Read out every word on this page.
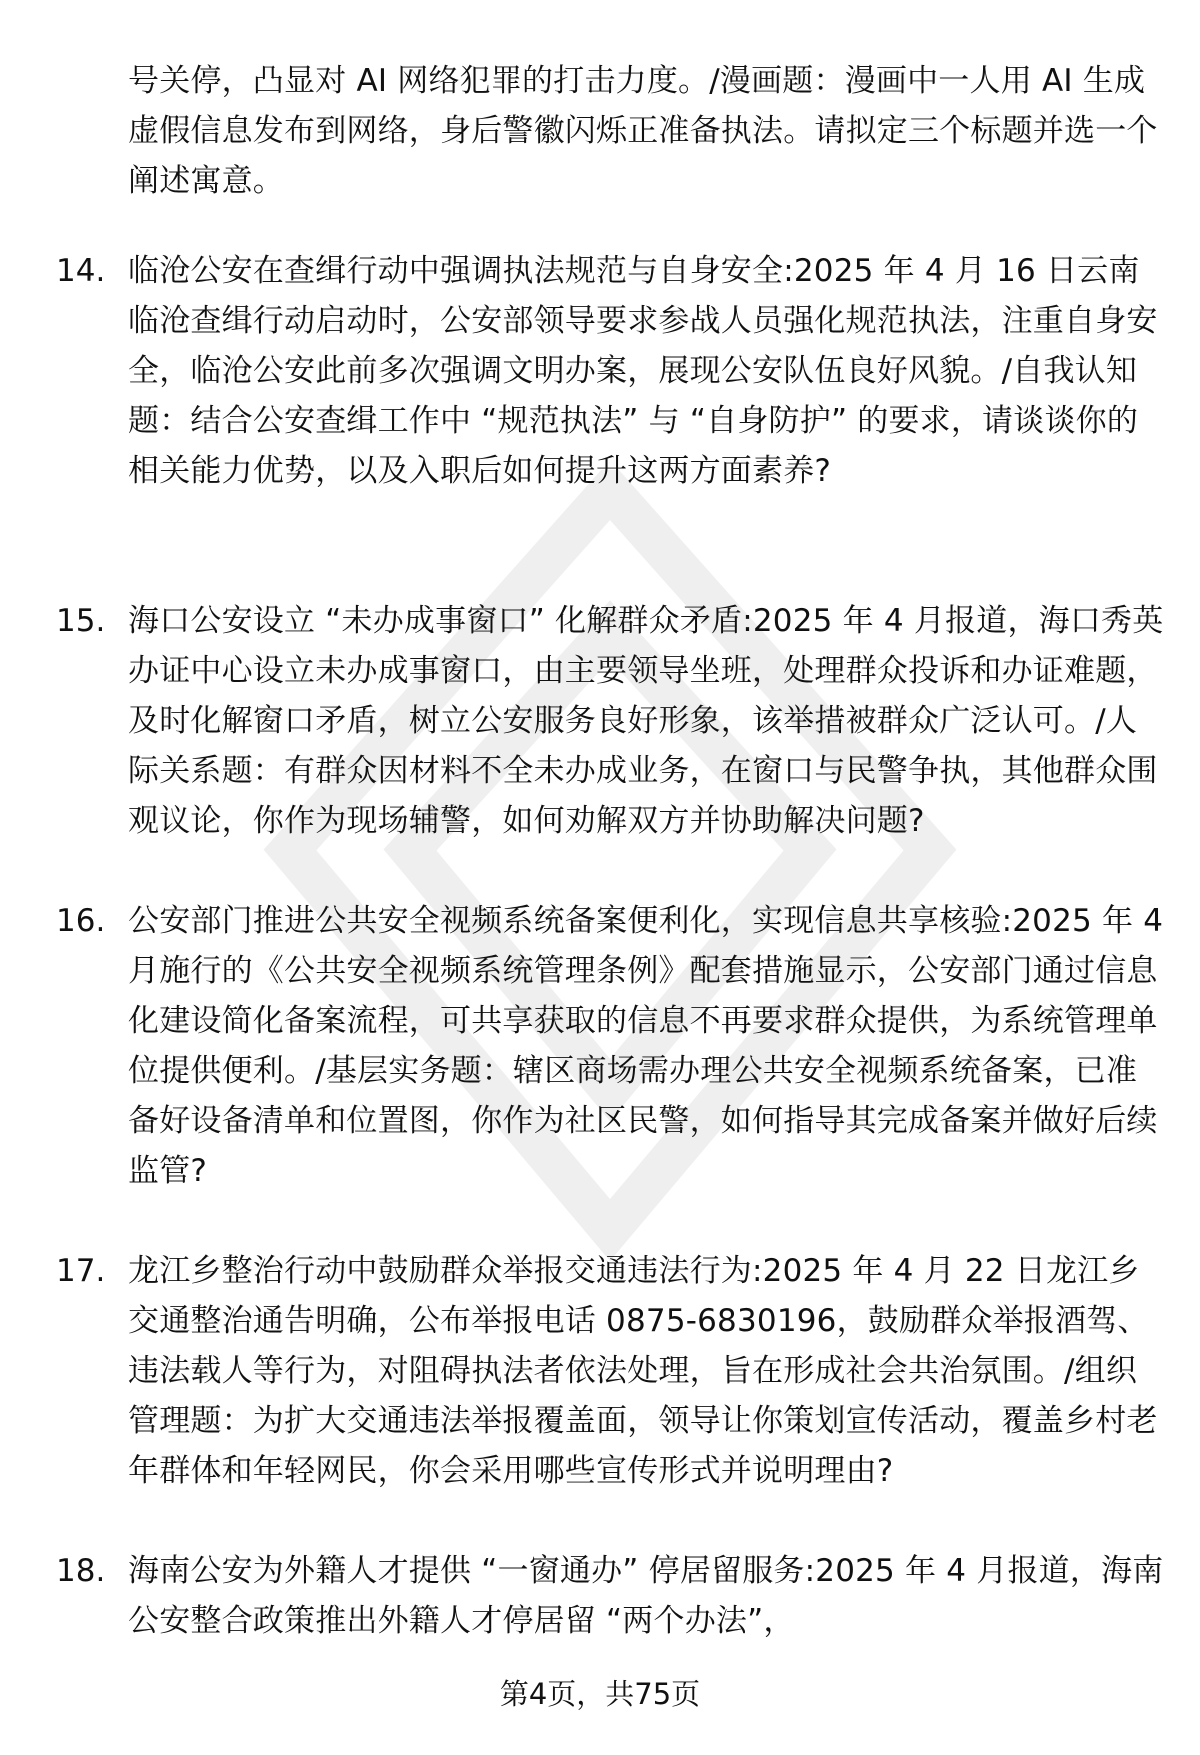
号关停，凸显对 AI 网络犯罪的打击力度。/漫画题：漫画中一人用 AI 生成虚假信息发布到网络，身后警徽闪烁正准备执法。请拟定三个标题并选一个阐述寓意。
14. 临沧公安在查缉行动中强调执法规范与自身安全:2025 年 4 月 16 日云南临沧查缉行动启动时，公安部领导要求参战人员强化规范执法，注重自身安全，临沧公安此前多次强调文明办案，展现公安队伍良好风貌。/自我认知题：结合公安查缉工作中 “规范执法” 与 “自身防护” 的要求，请谈谈你的相关能力优势，以及入职后如何提升这两方面素养?
15. 海口公安设立 “未办成事窗口” 化解群众矛盾:2025 年 4 月报道，海口秀英办证中心设立未办成事窗口，由主要领导坐班，处理群众投诉和办证难题，及时化解窗口矛盾，树立公安服务良好形象，该举措被群众广泛认可。/人际关系题：有群众因材料不全未办成业务，在窗口与民警争执，其他群众围观议论，你作为现场辅警，如何劝解双方并协助解决问题?
16. 公安部门推进公共安全视频系统备案便利化，实现信息共享核验:2025 年 4 月施行的《公共安全视频系统管理条例》配套措施显示，公安部门通过信息化建设简化备案流程，可共享获取的信息不再要求群众提供，为系统管理单位提供便利。/基层实务题：辖区商场需办理公共安全视频系统备案，已准备好设备清单和位置图，你作为社区民警，如何指导其完成备案并做好后续监管?
17. 龙江乡整治行动中鼓励群众举报交通违法行为:2025 年 4 月 22 日龙江乡交通整治通告明确，公布举报电话 0875-6830196，鼓励群众举报酒驾、违法载人等行为，对阻碍执法者依法处理，旨在形成社会共治氛围。/组织管理题：为扩大交通违法举报覆盖面，领导让你策划宣传活动，覆盖乡村老年群体和年轻网民，你会采用哪些宣传形式并说明理由?
18. 海南公安为外籍人才提供 “一窗通办” 停居留服务:2025 年 4 月报道，海南公安整合政策推出外籍人才停居留 “两个办法”，
第4页，共75页
